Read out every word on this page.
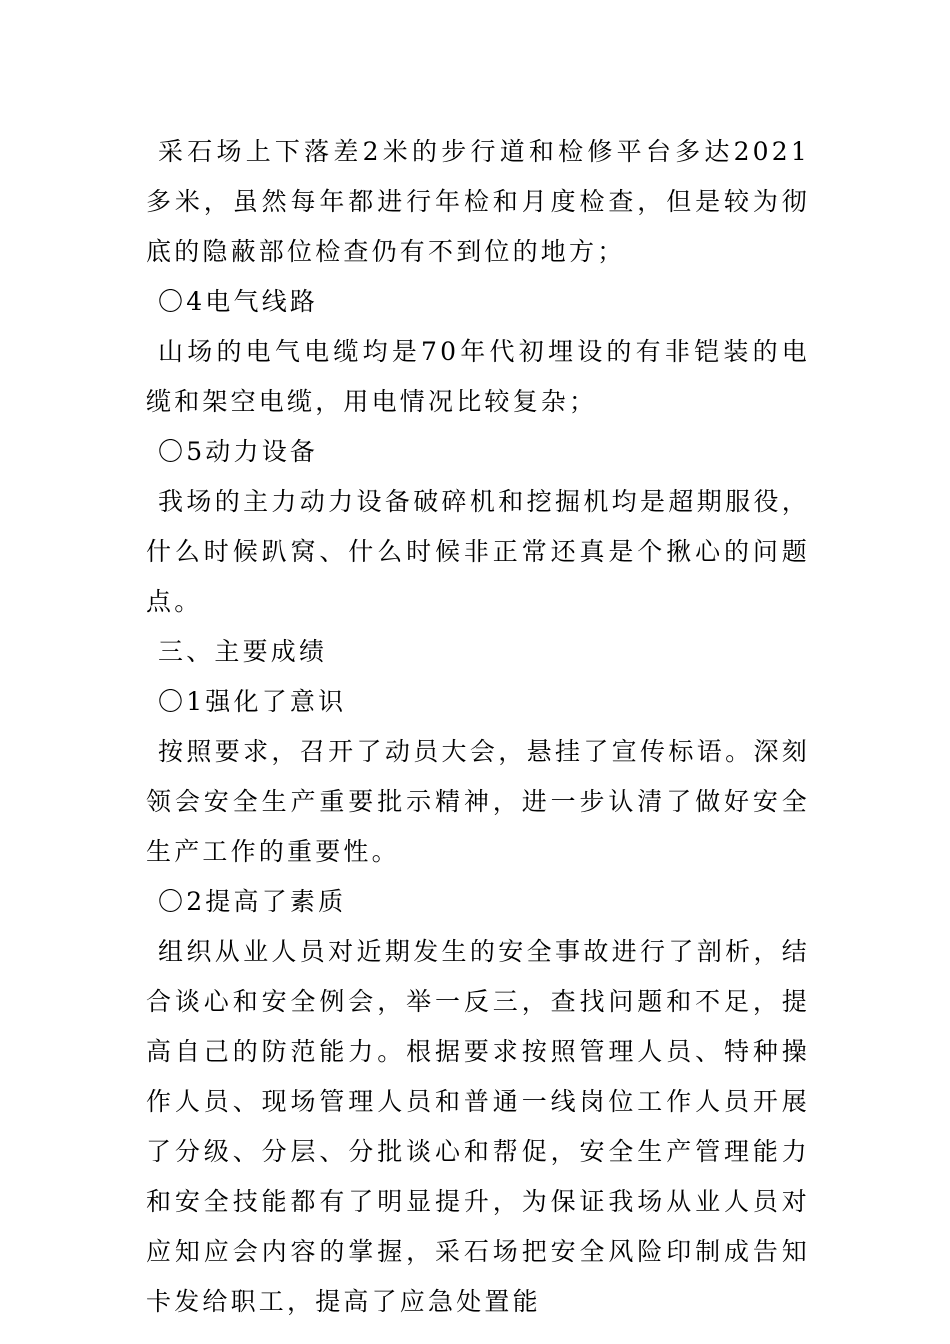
采石场上下落差2米的步行道和检修平台多达2021多米，虽然每年都进行年检和月度检查，但是较为彻底的隐蔽部位检查仍有不到位的地方；

〇4电气线路

山场的电气电缆均是70年代初埋设的有非铠装的电缆和架空电缆，用电情况比较复杂；

〇5动力设备

我场的主力动力设备破碎机和挖掘机均是超期服役，什么时候趴窝、什么时候非正常还真是个揪心的问题点。

三、主要成绩

〇1强化了意识

按照要求，召开了动员大会，悬挂了宣传标语。深刻领会安全生产重要批示精神，进一步认清了做好安全生产工作的重要性。

〇2提高了素质

组织从业人员对近期发生的安全事故进行了剖析，结合谈心和安全例会，举一反三，查找问题和不足，提高自己的防范能力。根据要求按照管理人员、特种操作人员、现场管理人员和普通一线岗位工作人员开展了分级、分层、分批谈心和帮促，安全生产管理能力和安全技能都有了明显提升，为保证我场从业人员对应知应会内容的掌握，采石场把安全风险印制成告知卡发给职工，提高了应急处置能
